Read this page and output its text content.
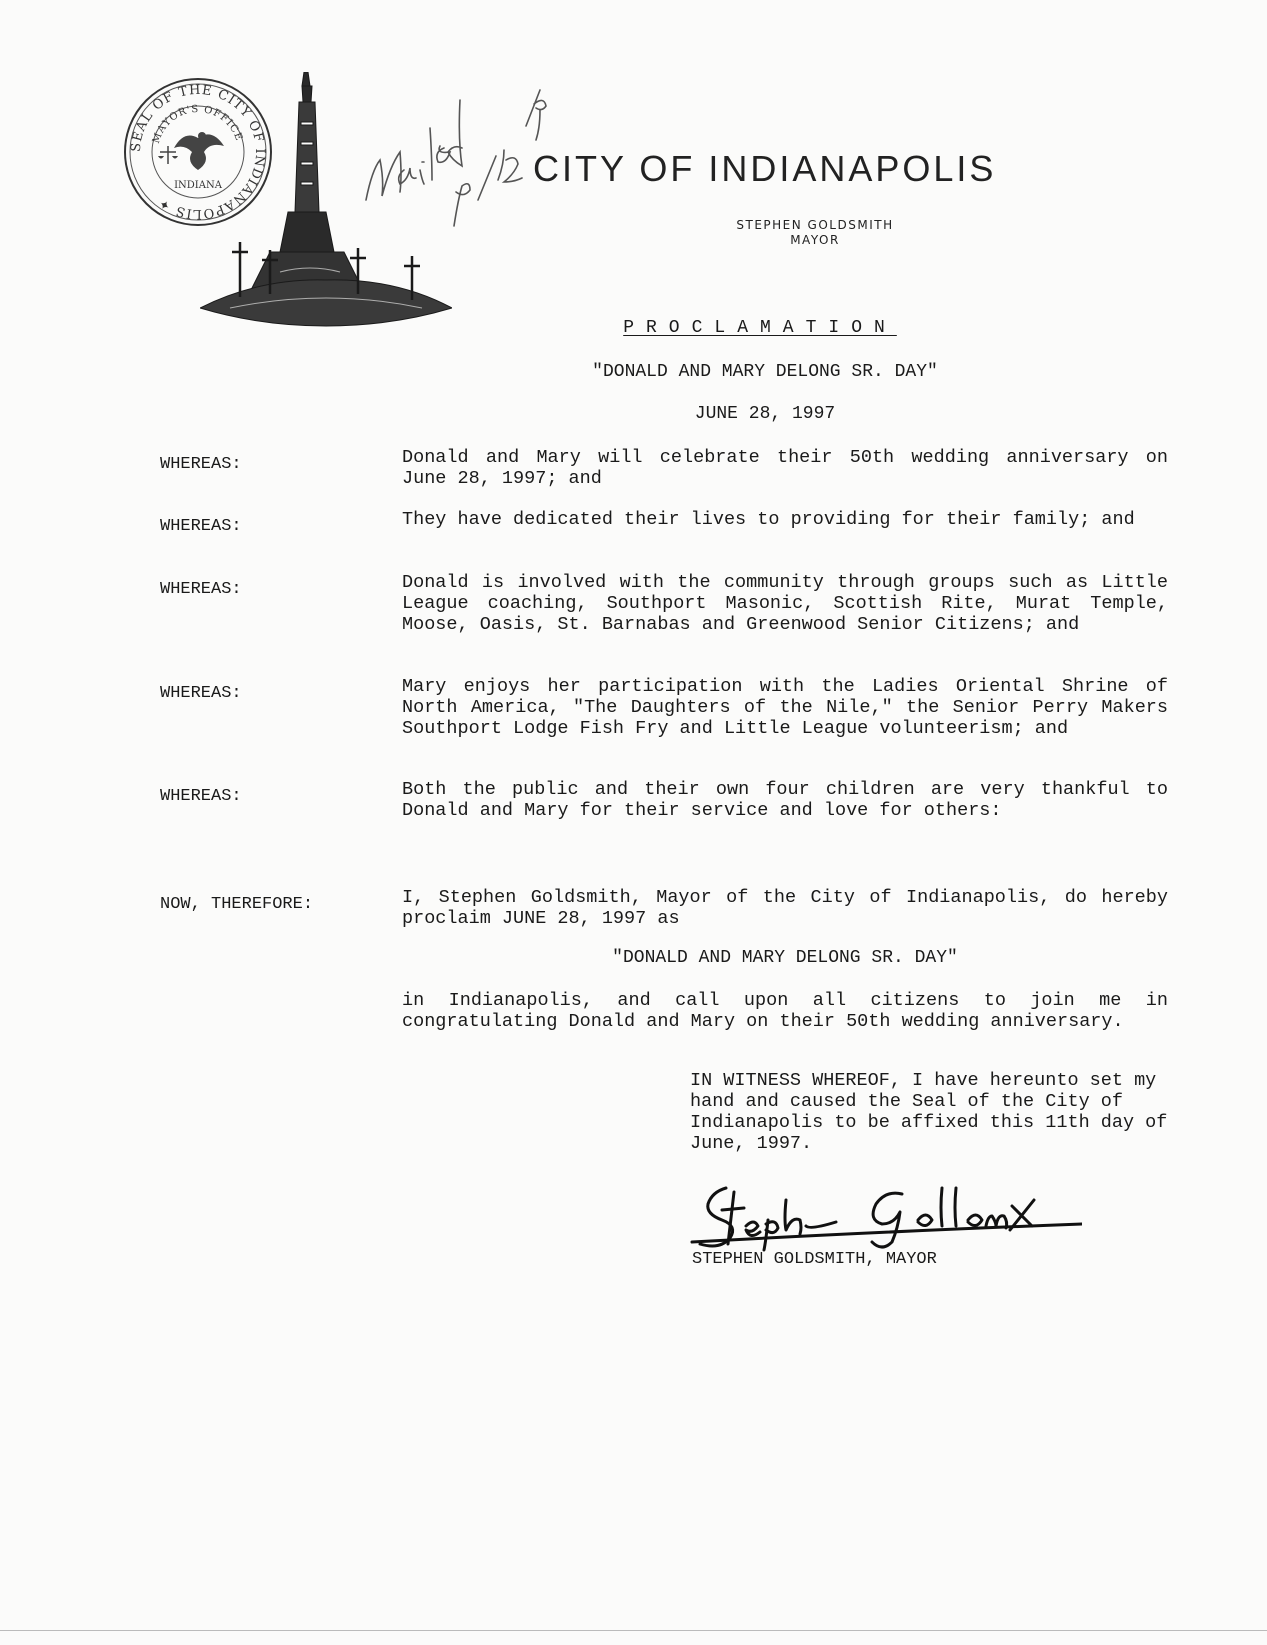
SEAL OF THE CITY OF INDIANAPOLIS ✦
MAYOR'S OFFICE
INDIANA	CITY OF INDIANAPOLIS
STEPHEN GOLDSMITH
MAYOR
PROCLAMATION
"DONALD AND MARY DELONG SR. DAY"
JUNE 28, 1997
WHEREAS:	Donald and Mary will celebrate their 50th wedding anniversary on June 28, 1997; and
WHEREAS:	They have dedicated their lives to providing for their family; and
WHEREAS:	Donald is involved with the community through groups such as Little League coaching, Southport Masonic, Scottish Rite, Murat Temple, Moose, Oasis, St. Barnabas and Greenwood Senior Citizens; and
WHEREAS:	Mary enjoys her participation with the Ladies Oriental Shrine of North America, "The Daughters of the Nile," the Senior Perry Makers Southport Lodge Fish Fry and Little League volunteerism; and
WHEREAS:	Both the public and their own four children are very thankful to Donald and Mary for their service and love for others:
NOW, THEREFORE:	I, Stephen Goldsmith, Mayor of the City of Indianapolis, do hereby proclaim JUNE 28, 1997 as
"DONALD AND MARY DELONG SR. DAY"
in Indianapolis, and call upon all citizens to join me in congratulating Donald and Mary on their 50th wedding anniversary.
IN WITNESS WHEREOF, I have hereunto set my hand and caused the Seal of the City of Indianapolis to be affixed this 11th day of June, 1997.
STEPHEN GOLDSMITH, MAYOR
